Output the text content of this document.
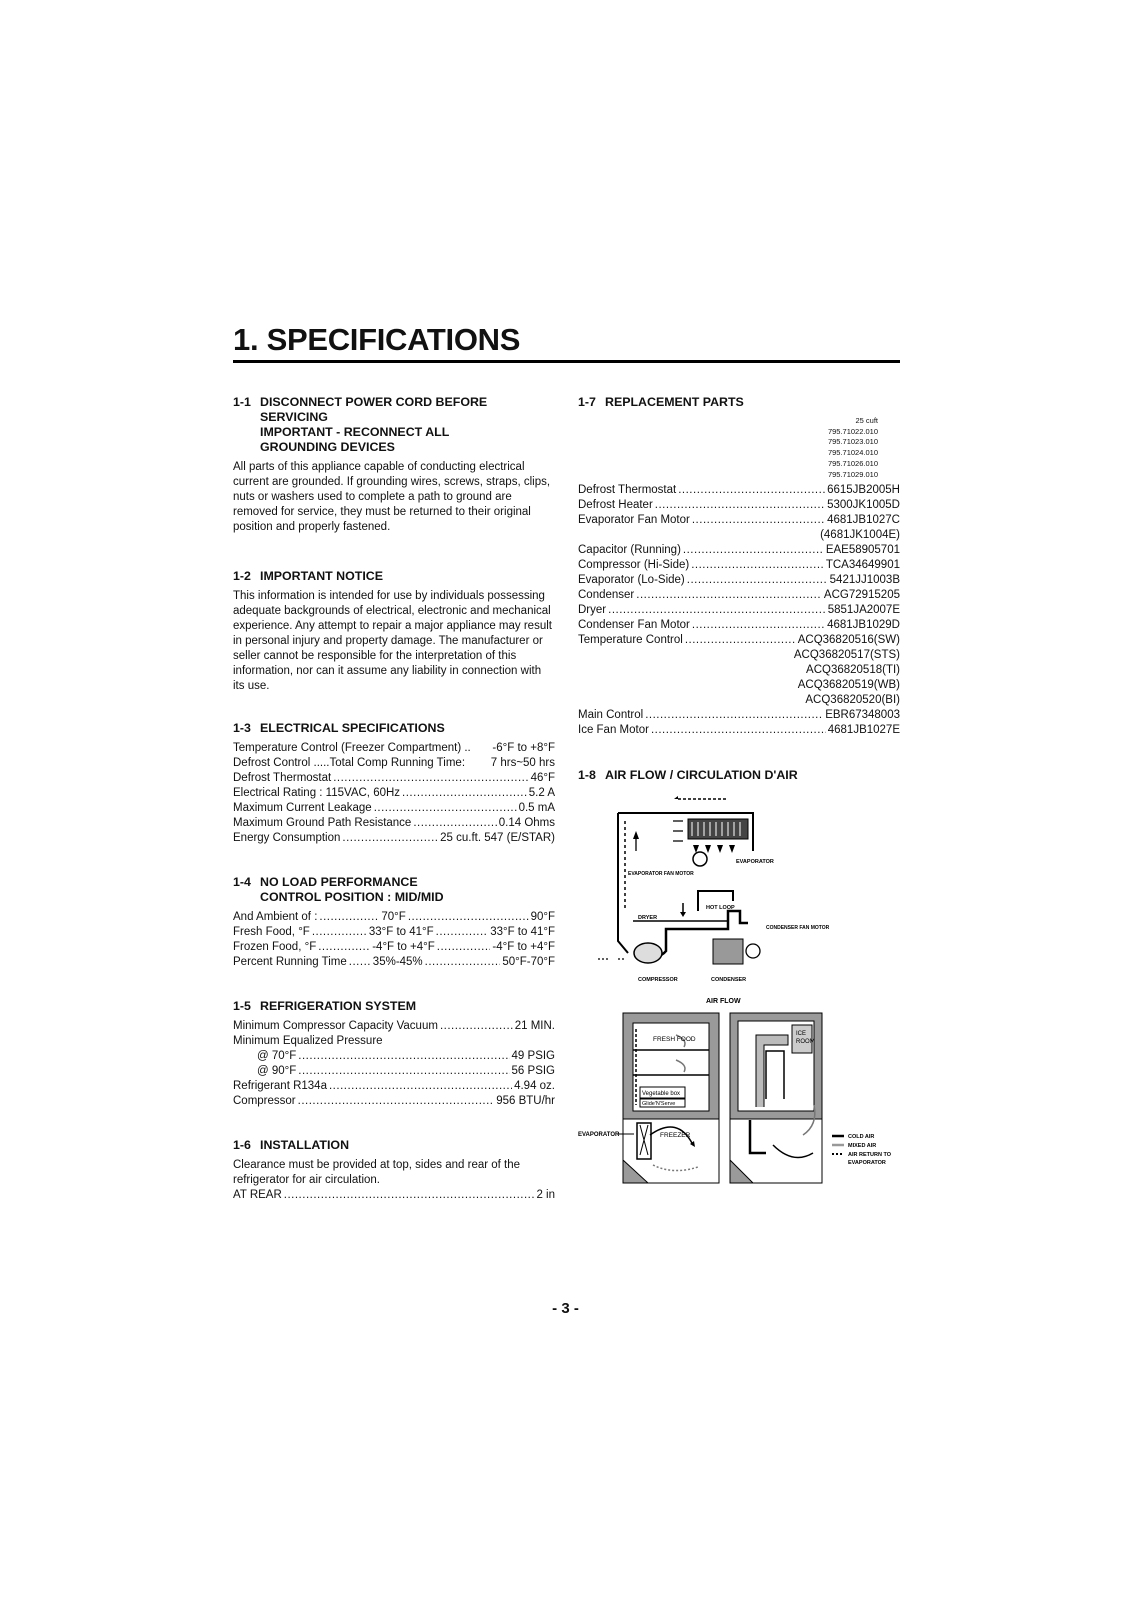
1. SPECIFICATIONS
1-1 DISCONNECT POWER CORD BEFORE
SERVICING
IMPORTANT - RECONNECT ALL
GROUNDING DEVICES

All parts of this appliance capable of conducting electrical current are grounded. If grounding wires, screws, straps, clips, nuts or washers used to complete a path to ground are removed for service, they must be returned to their original position and properly fastened.

1-2 IMPORTANT NOTICE

This information is intended for use by individuals possessing adequate backgrounds of electrical, electronic and mechanical experience. Any attempt to repair a major appliance may result in personal injury and property damage. The manufacturer or seller cannot be responsible for the interpretation of this information, nor can it assume any liability in connection with its use.

1-3 ELECTRICAL SPECIFICATIONS
Temperature Control (Freezer Compartment) .. -6°F to +8°F
Defrost Control .....Total Comp Running Time: 7 hrs~50 hrs
Defrost Thermostat .....	46°F
Electrical Rating : 115VAC, 60Hz .....	5.2 A
Maximum Current Leakage .....	0.5 mA
Maximum Ground Path Resistance .....	0.14 Ohms
Energy Consumption .....	25 cu.ft. 547 (E/STAR)
1-4 NO LOAD PERFORMANCE
CONTROL POSITION : MID/MID
And Ambient of : .....	70°F .....	90°F
Fresh Food, °F .....	33°F to 41°F .....	33°F to 41°F
Frozen Food, °F .....	-4°F to +4°F .....	-4°F to +4°F
Percent Running Time ..... 35%-45% .....	50°F-70°F
1-5 REFRIGERATION SYSTEM
Minimum Compressor Capacity Vacuum .....	21 MIN.
Minimum Equalized Pressure
@ 70°F .....	49 PSIG
@ 90°F .....	56 PSIG
Refrigerant R134a .....	4.94 oz.
Compressor .....	956 BTU/hr
1-6 INSTALLATION

Clearance must be provided at top, sides and rear of the refrigerator for air circulation.

AT REAR .....	2 in
1-7 REPLACEMENT PARTS
25 cuft
795.71022.010
795.71023.010
795.71024.010
795.71026.010
795.71029.010
Defrost Thermostat .....	6615JB2005H
Defrost Heater .....	5300JK1005D
Evaporator Fan Motor .....	4681JB1027C
(4681JK1004E)
Capacitor (Running) .....	EAE58905701
Compressor (Hi-Side) .....	TCA34649901
Evaporator (Lo-Side) .....	5421JJ1003B
Condenser .....	ACG72915205
Dryer .....	5851JA2007E
Condenser Fan Motor .....	4681JB1029D
Temperature Control .....	ACQ36820516(SW)
ACQ36820517(STS)
ACQ36820518(TI)
ACQ36820519(WB)
ACQ36820520(BI)
Main Control .....	EBR67348003
Ice Fan Motor .....	4681JB1027E
1-8 AIR FLOW / CIRCULATION D'AIR
EVAPORATOR
EVAPORATOR FAN MOTOR
HOT LOOP
DRYER
CONDENSER FAN MOTOR
COMPRESSOR	CONDENSER
AIR FLOW
FRESH FOOD
Vegetable box
Glide'N'Serve
FREEZER
EVAPORATOR
ICE
ROOM
COLD AIR
MIXED AIR
AIR RETURN TO
EVAPORATOR
- 3 -
